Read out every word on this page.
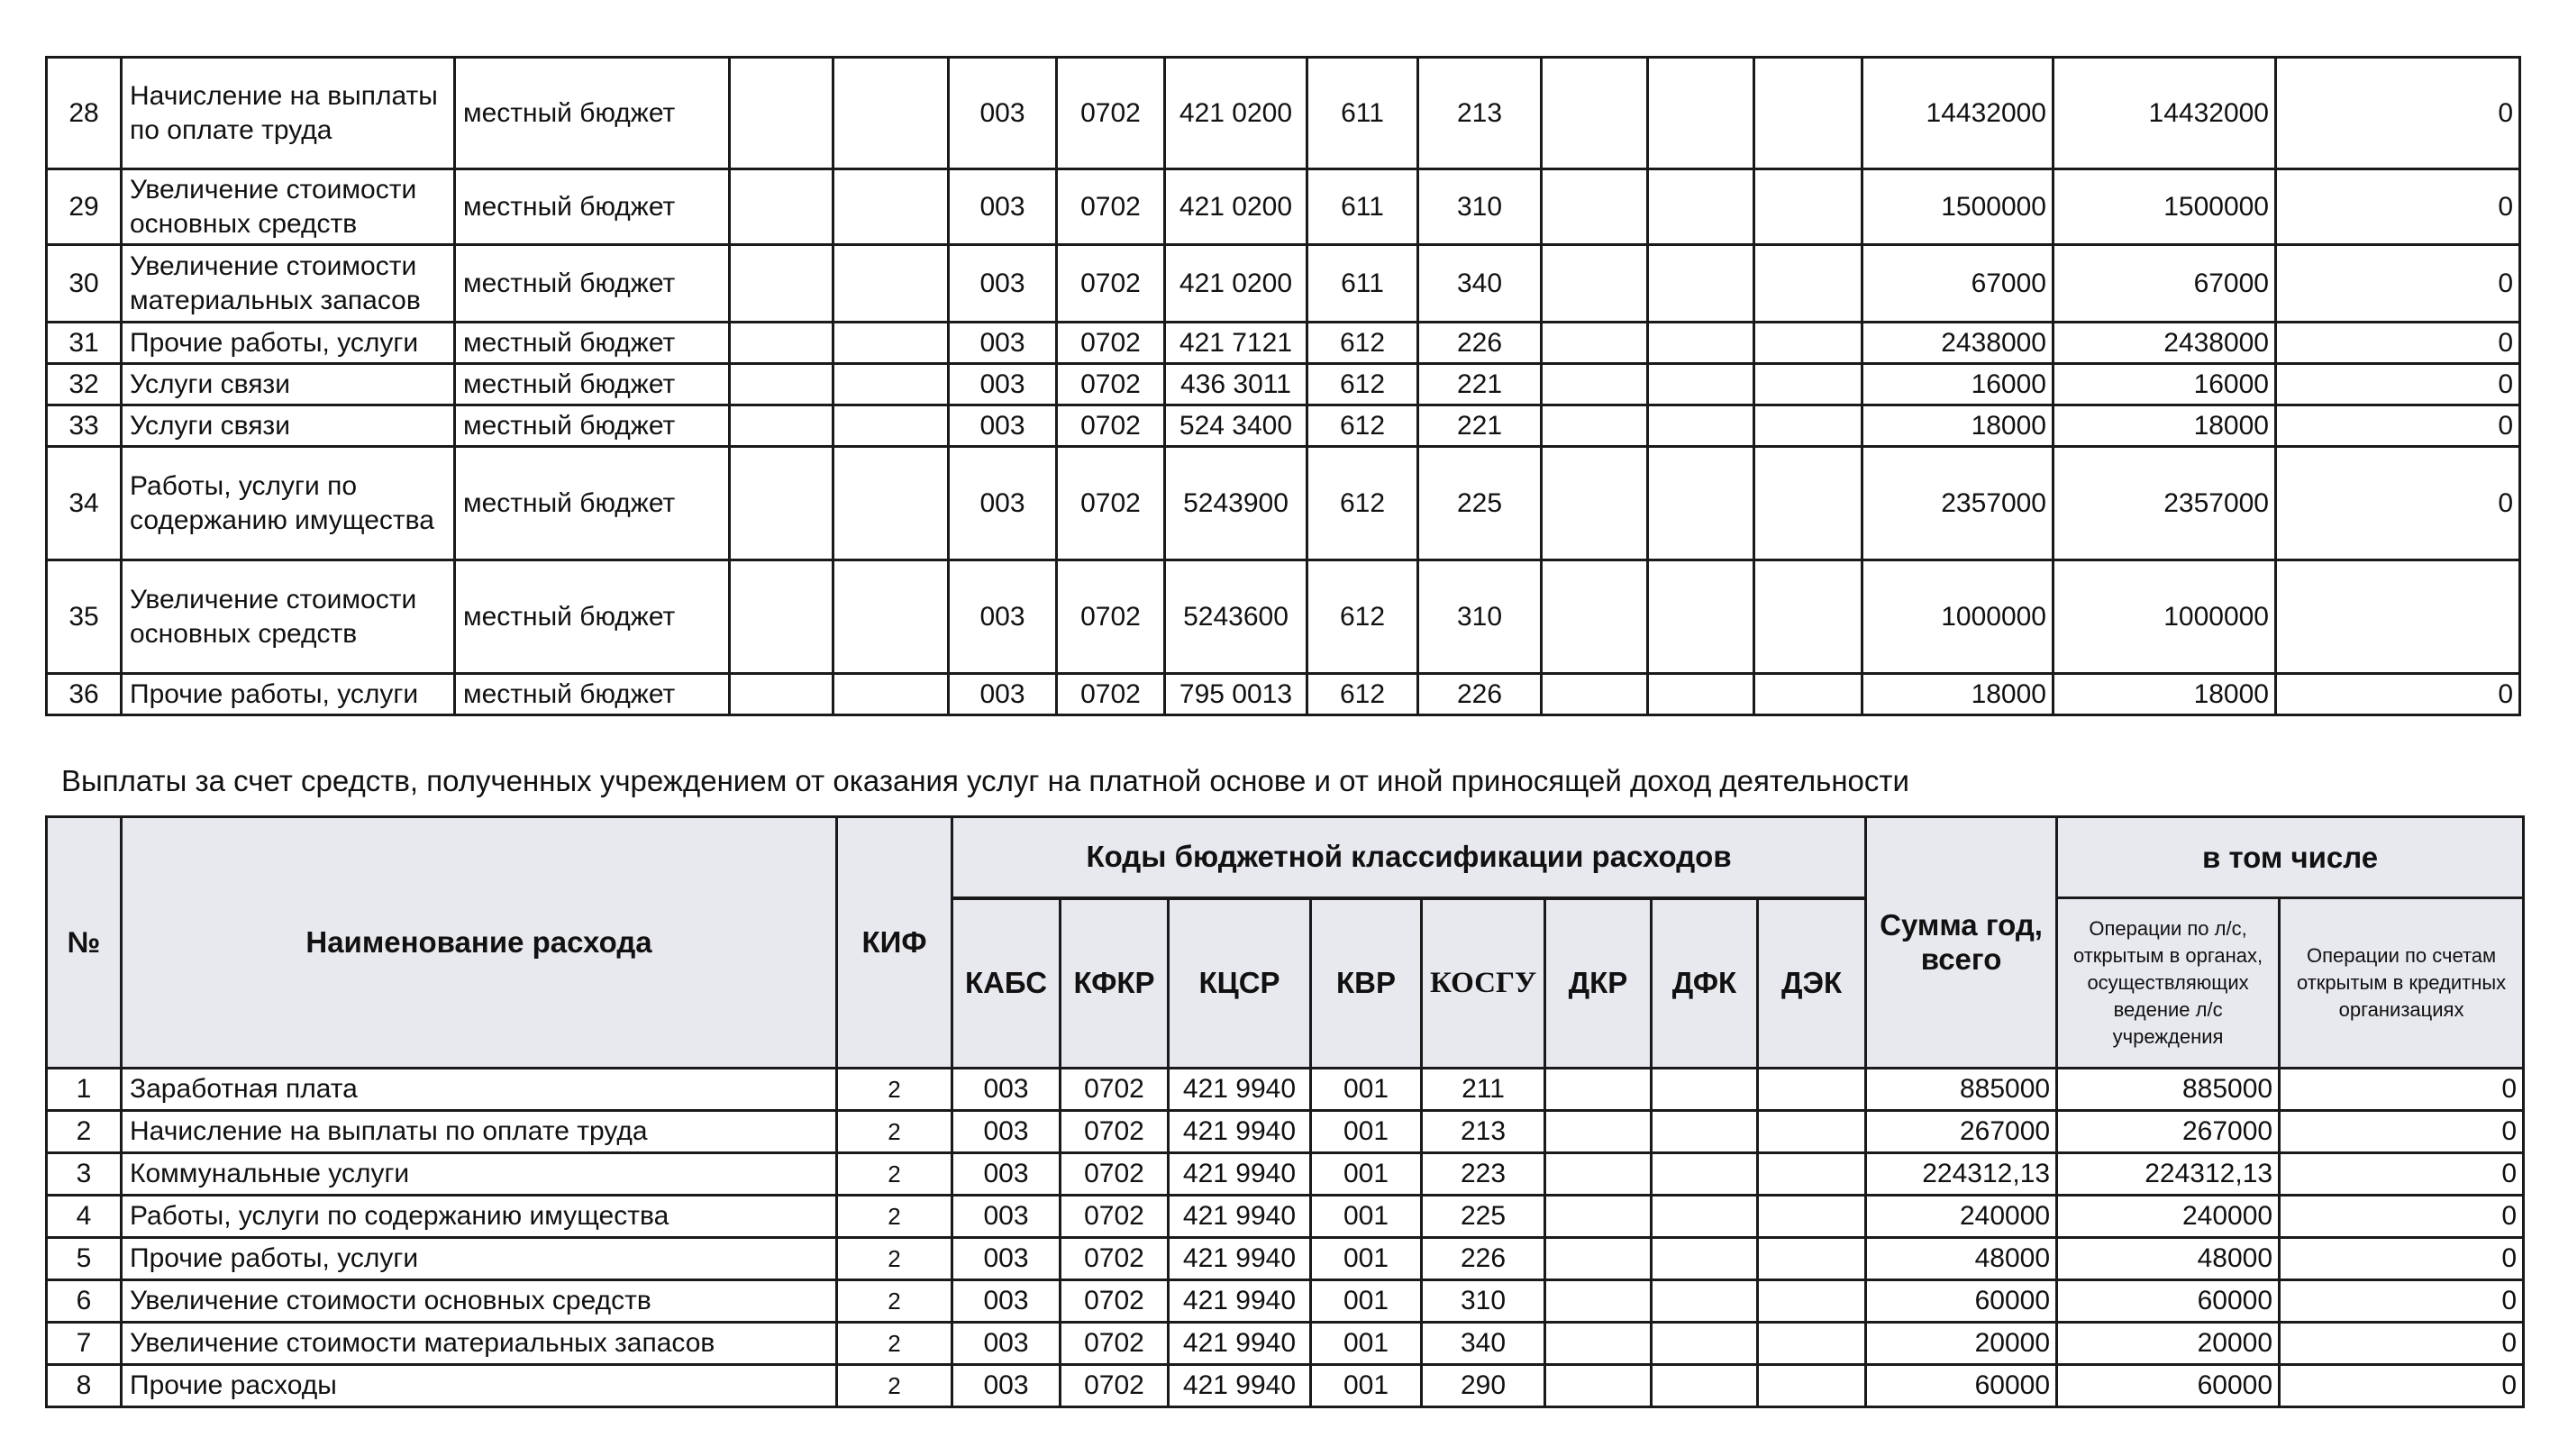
28	Начисление на выплаты по оплате труда	местный бюджет			003	0702	421 0200	611	213				14432000	14432000	0
29	Увеличение стоимости основных средств	местный бюджет			003	0702	421 0200	611	310				1500000	1500000	0
30	Увеличение стоимости материальных запасов	местный бюджет			003	0702	421 0200	611	340				67000	67000	0
31	Прочие работы, услуги	местный бюджет			003	0702	421 7121	612	226				2438000	2438000	0
32	Услуги связи	местный бюджет			003	0702	436 3011	612	221				16000	16000	0
33	Услуги связи	местный бюджет			003	0702	524 3400	612	221				18000	18000	0
34	Работы, услуги по содержанию имущества	местный бюджет			003	0702	5243900	612	225				2357000	2357000	0
35	Увеличение стоимости основных средств	местный бюджет			003	0702	5243600	612	310				1000000	1000000	
36	Прочие работы, услуги	местный бюджет			003	0702	795 0013	612	226				18000	18000	0
Выплаты за счет средств, полученных учреждением от оказания услуг на платной основе и от иной приносящей доход деятельности
№	Наименование расхода	КИФ	Коды бюджетной классификации расходов								Сумма год, всего	в том числе	
			КАБС	КФКР	КЦСР	КВР	КОСГУ	ДКР	ДФК	ДЭК		Операции по л/с, открытым в органах, осуществляющих ведение л/с учреждения	Операции по счетам открытым в кредитных организациях

1	Заработная плата	2	003	0702	421 9940	001	211				885000	885000	0
2	Начисление на выплаты по оплате труда	2	003	0702	421 9940	001	213				267000	267000	0
3	Коммунальные услуги	2	003	0702	421 9940	001	223				224312,13	224312,13	0
4	Работы, услуги по содержанию имущества	2	003	0702	421 9940	001	225				240000	240000	0
5	Прочие работы, услуги	2	003	0702	421 9940	001	226				48000	48000	0
6	Увеличение стоимости основных средств	2	003	0702	421 9940	001	310				60000	60000	0
7	Увеличение стоимости материальных запасов	2	003	0702	421 9940	001	340				20000	20000	0
8	Прочие расходы	2	003	0702	421 9940	001	290				60000	60000	0
